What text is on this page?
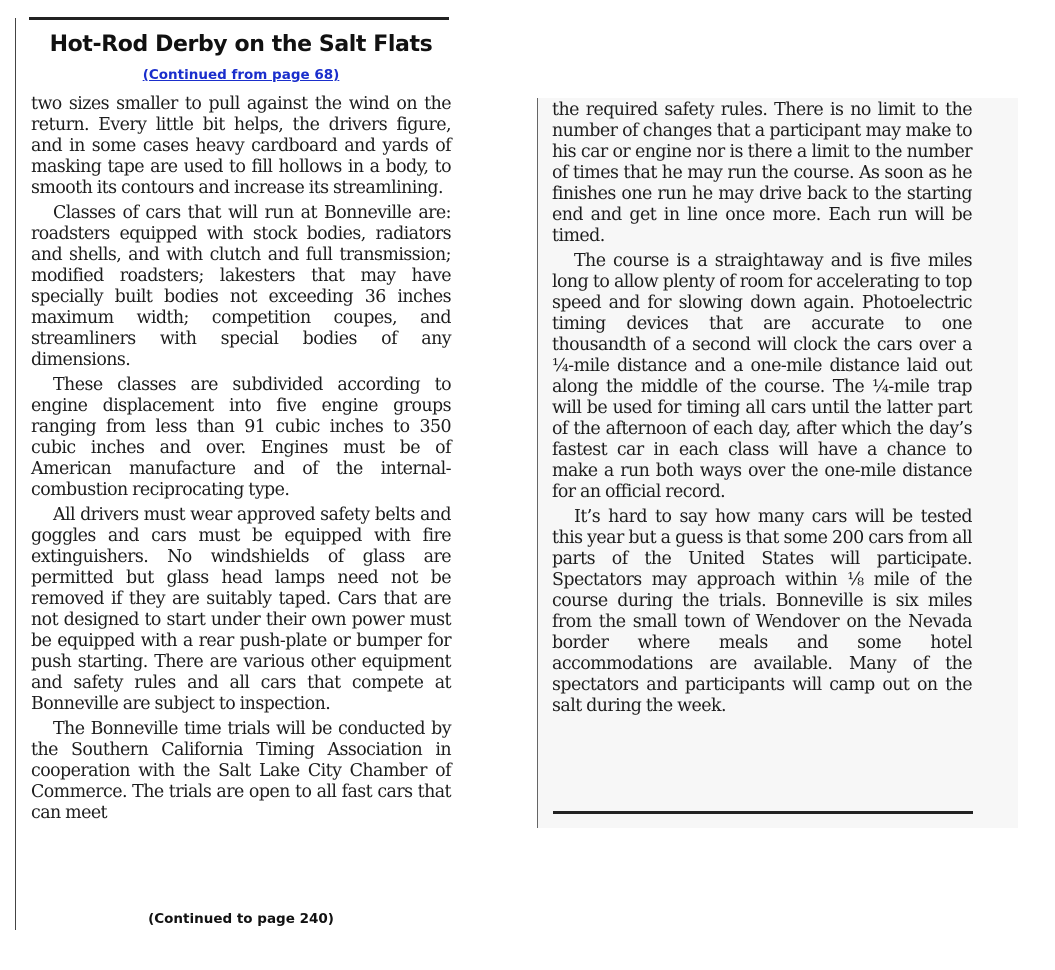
Hot-Rod Derby on the Salt Flats
(Continued from page 68)

two sizes smaller to pull against the wind on the return. Every little bit helps, the drivers figure, and in some cases heavy cardboard and yards of masking tape are used to fill hollows in a body, to smooth its contours and increase its streamlining.

Classes of cars that will run at Bonneville are: roadsters equipped with stock bodies, radiators and shells, and with clutch and full transmission; modified roadsters; lakesters that may have specially built bodies not exceeding 36 inches maximum width; competition coupes, and streamliners with special bodies of any dimensions.

These classes are subdivided according to engine displacement into five engine groups ranging from less than 91 cubic inches to 350 cubic inches and over. Engines must be of American manufacture and of the internal-combustion reciprocating type.

All drivers must wear approved safety belts and goggles and cars must be equipped with fire extinguishers. No windshields of glass are permitted but glass head lamps need not be removed if they are suitably taped. Cars that are not designed to start under their own power must be equipped with a rear push-plate or bumper for push starting. There are various other equipment and safety rules and all cars that compete at Bonneville are subject to inspection.

The Bonneville time trials will be conducted by the Southern California Timing Association in cooperation with the Salt Lake City Chamber of Commerce. The trials are open to all fast cars that can meet

(Continued to page 240)

the required safety rules. There is no limit to the number of changes that a participant may make to his car or engine nor is there a limit to the number of times that he may run the course. As soon as he finishes one run he may drive back to the starting end and get in line once more. Each run will be timed.

The course is a straightaway and is five miles long to allow plenty of room for accelerating to top speed and for slowing down again. Photoelectric timing devices that are accurate to one thousandth of a second will clock the cars over a ¼-mile distance and a one-mile distance laid out along the middle of the course. The ¼-mile trap will be used for timing all cars until the latter part of the afternoon of each day, after which the day’s fastest car in each class will have a chance to make a run both ways over the one-mile distance for an official record.

It’s hard to say how many cars will be tested this year but a guess is that some 200 cars from all parts of the United States will participate. Spectators may approach within ⅛ mile of the course during the trials. Bonneville is six miles from the small town of Wendover on the Nevada border where meals and some hotel accommodations are available. Many of the spectators and participants will camp out on the salt during the week.
